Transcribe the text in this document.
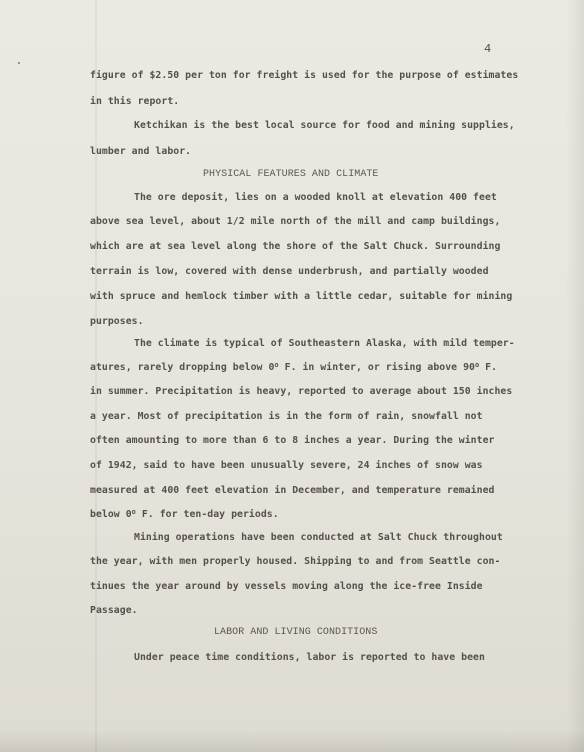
4
figure of $2.50 per ton for freight is used for the purpose of estimates
in this report.
Ketchikan is the best local source for food and mining supplies,
lumber and labor.
PHYSICAL FEATURES AND CLIMATE
The ore deposit, lies on a wooded knoll at elevation 400 feet
above sea level, about 1/2 mile north of the mill and camp buildings,
which are at sea level along the shore of the Salt Chuck. Surrounding
terrain is low, covered with dense underbrush, and partially wooded
with spruce and hemlock timber with a little cedar, suitable for mining
purposes.
The climate is typical of Southeastern Alaska, with mild temper-
atures, rarely dropping below 0$^o$ F. in winter, or rising above 90$^o$ F.
in summer. Precipitation is heavy, reported to average about 150 inches
a year. Most of precipitation is in the form of rain, snowfall not
often amounting to more than 6 to 8 inches a year. During the winter
of 1942, said to have been unusually severe, 24 inches of snow was
measured at 400 feet elevation in December, and temperature remained
below 0$^o$ F. for ten-day periods.
Mining operations have been conducted at Salt Chuck throughout
the year, with men properly housed. Shipping to and from Seattle con-
tinues the year around by vessels moving along the ice-free Inside
Passage.
LABOR AND LIVING CONDITIONS
Under peace time conditions, labor is reported to have been
